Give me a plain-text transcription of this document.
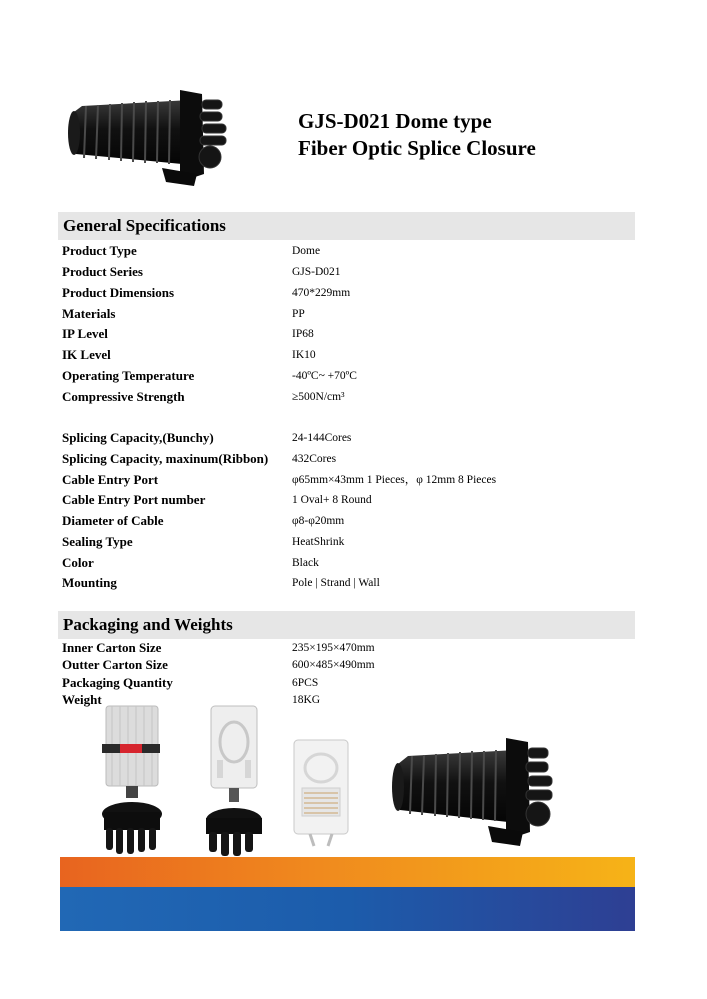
GJS-D021 Dome type
Fiber Optic Splice Closure
General Specifications
Product Type	Dome
Product Series	GJS-D021
Product Dimensions	470*229mm
Materials	PP
IP Level	IP68
IK Level	IK10
Operating Temperature	-40ºC~ +70ºC
Compressive Strength	≥500N/cm³
Splicing Capacity,(Bunchy)	24-144Cores
Splicing Capacity, maxinum(Ribbon)	432Cores
Cable Entry Port	φ65mm×43mm 1 Pieces，φ 12mm 8 Pieces
Cable Entry Port number	1 Oval+ 8 Round
Diameter of Cable	φ8-φ20mm
Sealing Type	HeatShrink
Color	Black
Mounting	Pole | Strand | Wall
Packaging and Weights
Inner Carton Size	235×195×470mm
Outter Carton Size	600×485×490mm
Packaging Quantity	6PCS
Weight	18KG
